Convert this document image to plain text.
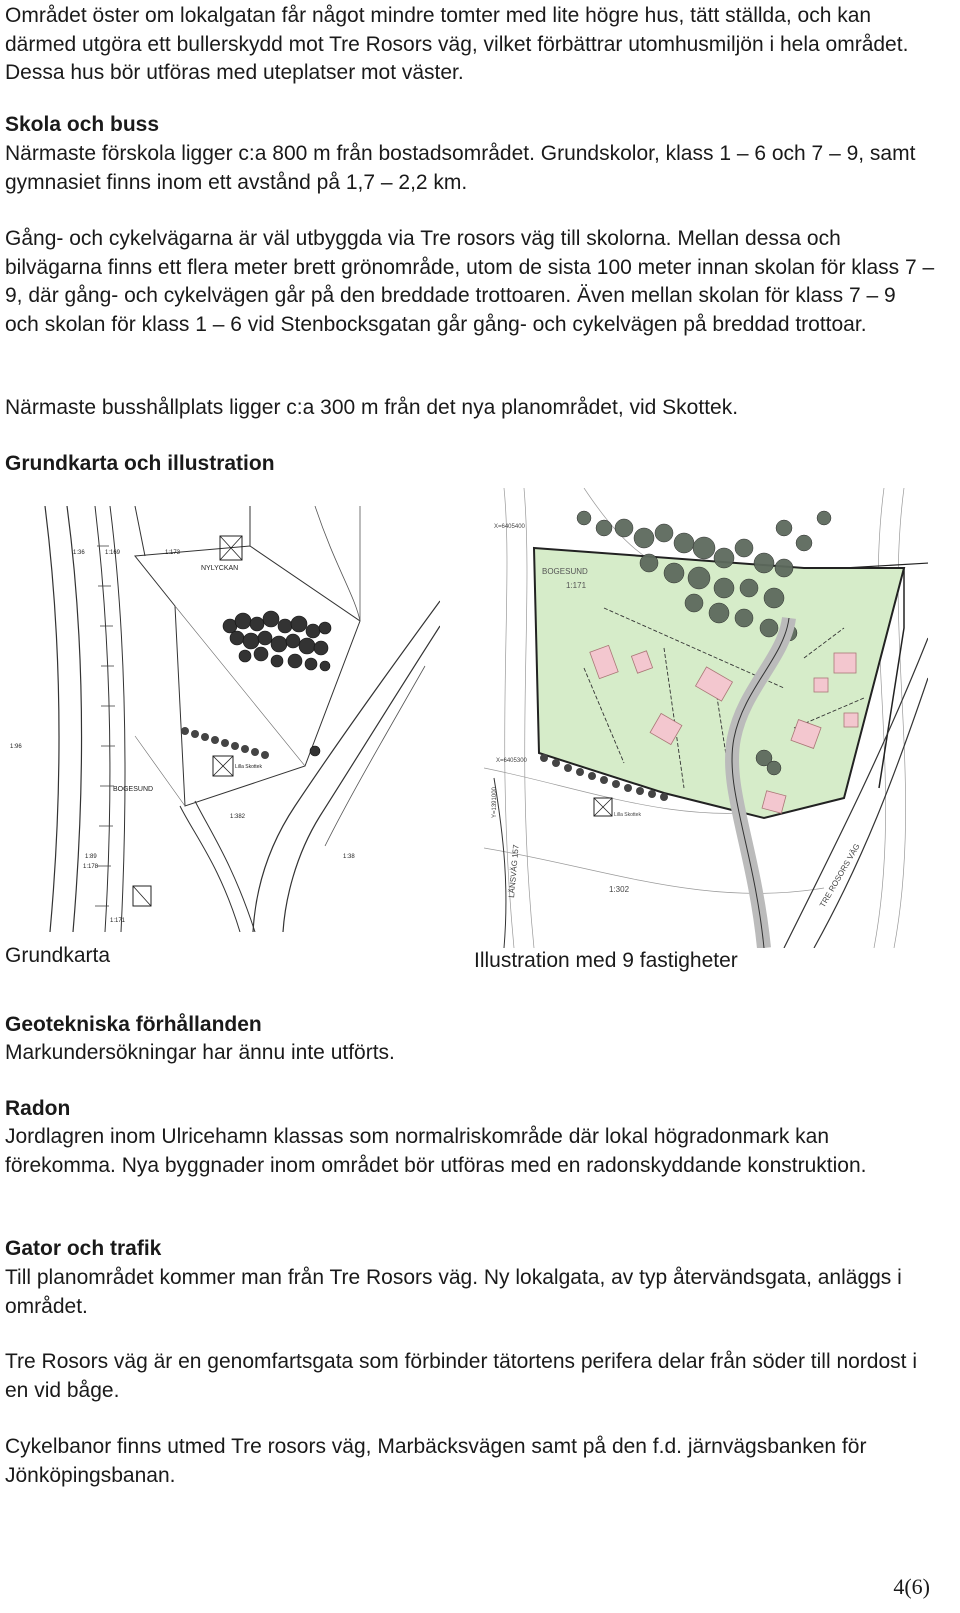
Området öster om lokalgatan får något mindre tomter med lite högre hus, tätt ställda, och kan därmed utgöra ett bullerskydd mot Tre Rosors väg, vilket förbättrar utomhusmiljön i hela området. Dessa hus bör utföras med uteplatser mot väster.

Skola och buss

Närmaste förskola ligger c:a 800 m från bostadsområdet. Grundskolor, klass 1 – 6 och 7 – 9, samt gymnasiet finns inom ett avstånd på 1,7 – 2,2 km.

Gång- och cykelvägarna är väl utbyggda via Tre rosors väg till skolorna. Mellan dessa och bilvägarna finns ett flera meter brett grönområde, utom de sista 100 meter innan skolan för klass 7 – 9, där gång- och cykelvägen går på den breddade trottoaren. Även mellan skolan för klass 7 – 9 och skolan för klass 1 – 6 vid Stenbocksgatan går gång- och cykelvägen på breddad trottoar.

Närmaste busshållplats ligger c:a 300 m från det nya planområdet, vid Skottek.

Grundkarta och illustration

NYLYCKAN
BOGESUND
1:382
1:36	1:169	1:173
1:38
1:96
1:89
1:178
1:171
Lilla Skottek
BOGESUND
1:171
1:302
X=6405400
X=6405300
Y=1391000
LÄNSVÄG 157	TRE ROSORS VÄG
Lilla Skottek

Grundkarta	Illustration med 9 fastigheter

Geotekniska förhållanden

Markundersökningar har ännu inte utförts.

Radon

Jordlagren inom Ulricehamn klassas som normalriskområde där lokal högradonmark kan förekomma. Nya byggnader inom området bör utföras med en radonskyddande konstruktion.

Gator och trafik

Till planområdet kommer man från Tre Rosors väg. Ny lokalgata, av typ återvändsgata, anläggs i området.

Tre Rosors väg är en genomfartsgata som förbinder tätortens perifera delar från söder till nordost i en vid båge.

Cykelbanor finns utmed Tre rosors väg, Marbäcksvägen samt på den f.d. järnvägsbanken för Jönköpingsbanan.

4(6)
